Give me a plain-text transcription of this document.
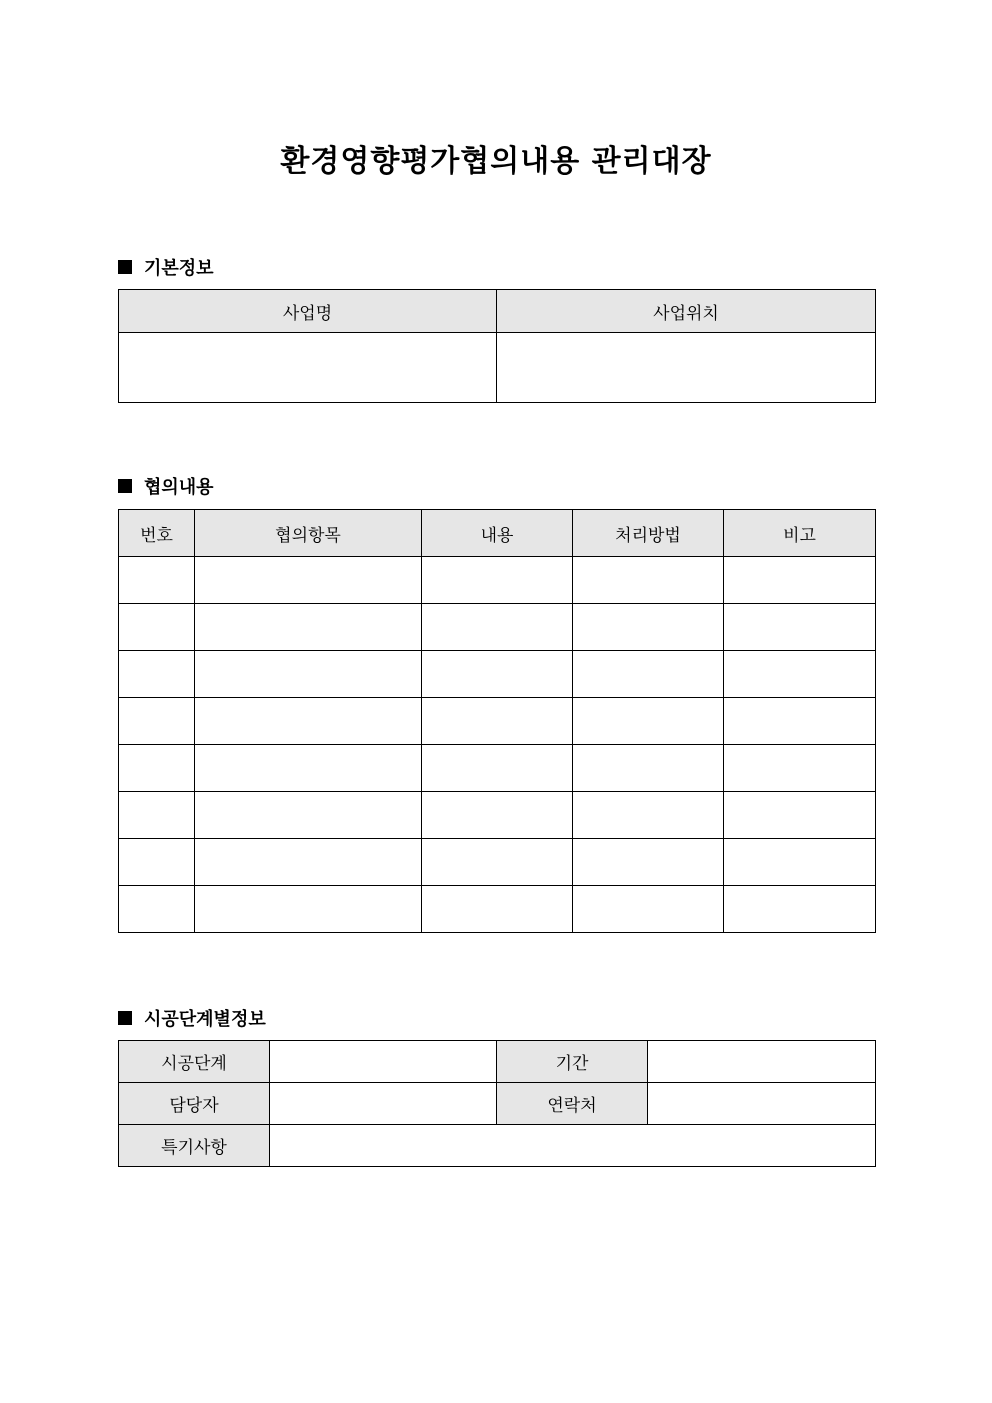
환경영향평가협의내용 관리대장
기본정보
사업명	사업위치

협의내용
번호	협의항목	내용	처리방법	비고

시공단계별정보
시공단계		기간	
담당자		연락처	
특기사항			
